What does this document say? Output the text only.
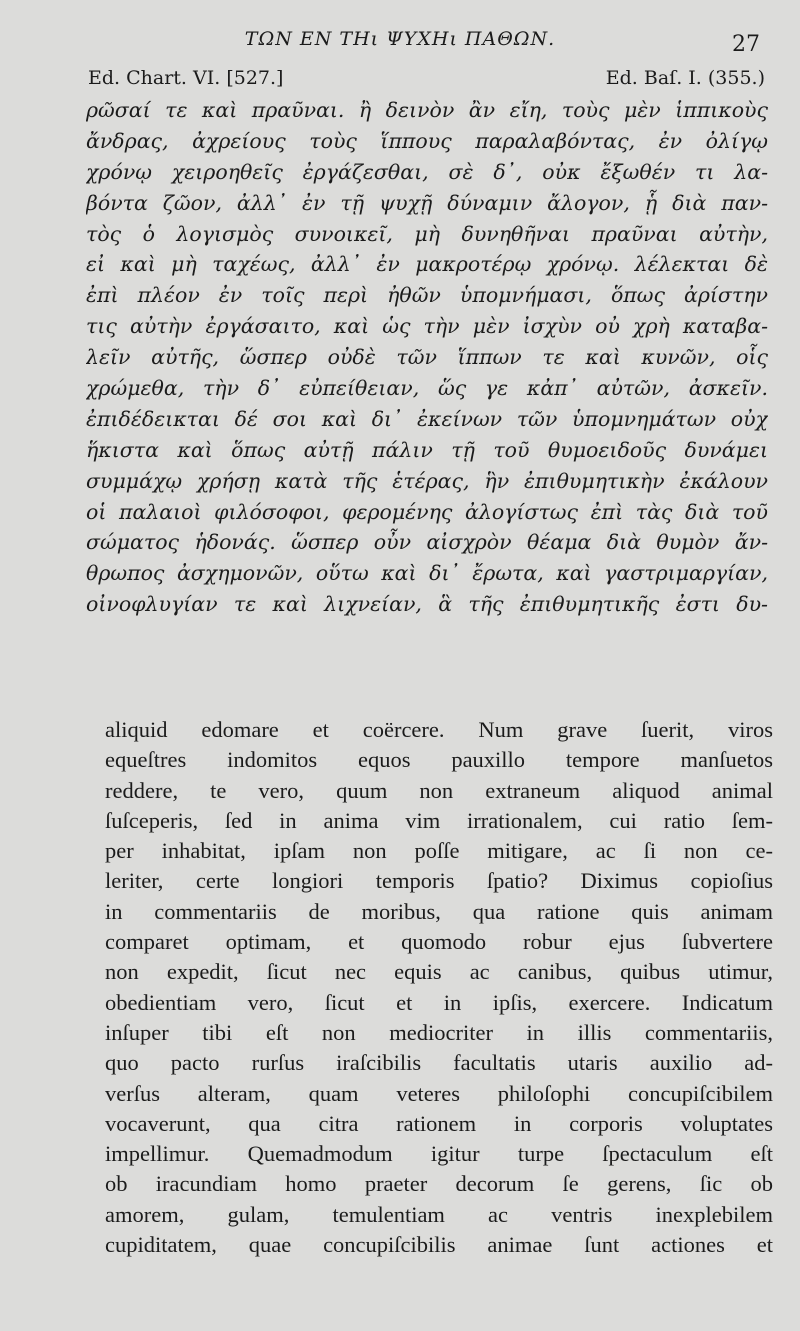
ΤΩΝ ΕΝ ΤΗι ΨΥΧΗι ΠΑΘΩΝ.	27
Ed. Chart. VI. [527.]	Ed. Baſ. I. (355.)
ρῶσαί τε καὶ πραῦναι. ἢ δεινὸν ἂν εἴη, τοὺς μὲν ἱππικοὺς
ἄνδρας, ἀχρείους τοὺς ἵππους παραλαβόντας, ἐν ὀλίγῳ
χρόνῳ χειροηθεῖς ἐργάζεσθαι, σὲ δ᾽, οὐκ ἔξωθέν τι λα-
βόντα ζῶον, ἀλλ᾽ ἐν τῇ ψυχῇ δύναμιν ἄλογον, ᾗ διὰ παν-
τὸς ὁ λογισμὸς συνοικεῖ, μὴ δυνηθῆναι πραῦναι αὐτὴν,
εἰ καὶ μὴ ταχέως, ἀλλ᾽ ἐν μακροτέρῳ χρόνῳ. λέλεκται δὲ
ἐπὶ πλέον ἐν τοῖς περὶ ἠθῶν ὑπομνήμασι, ὅπως ἀρίστην
τις αὐτὴν ἐργάσαιτο, καὶ ὡς τὴν μὲν ἰσχὺν οὐ χρὴ καταβα-
λεῖν αὐτῆς, ὥσπερ οὐδὲ τῶν ἵππων τε καὶ κυνῶν, οἷς
χρώμεθα, τὴν δ᾽ εὐπείθειαν, ὥς γε κἀπ᾽ αὐτῶν, ἀσκεῖν.
ἐπιδέδεικται δέ σοι καὶ δι᾽ ἐκείνων τῶν ὑπομνημάτων οὐχ
ἥκιστα καὶ ὅπως αὐτῇ πάλιν τῇ τοῦ θυμοειδοῦς δυνάμει
συμμάχῳ χρήσῃ κατὰ τῆς ἑτέρας, ἣν ἐπιθυμητικὴν ἐκάλουν
οἱ παλαιοὶ φιλόσοφοι, φερομένης ἀλογίστως ἐπὶ τὰς διὰ τοῦ
σώματος ἡδονάς. ὥσπερ οὖν αἰσχρὸν θέαμα διὰ θυμὸν ἄν-
θρωπος ἀσχημονῶν, οὕτω καὶ δι᾽ ἔρωτα, καὶ γαστριμαργίαν,
οἰνοφλυγίαν τε καὶ λιχνείαν, ἃ τῆς ἐπιθυμητικῆς ἐστι δυ-
aliquid edomare et coërcere. Num grave ſuerit, viros
equeſtres indomitos equos pauxillo tempore manſuetos
reddere, te vero, quum non extraneum aliquod animal
ſuſceperis, ſed in anima vim irrationalem, cui ratio ſem-
per inhabitat, ipſam non poſſe mitigare, ac ſi non ce-
leriter, certe longiori temporis ſpatio? Diximus copioſius
in commentariis de moribus, qua ratione quis animam
comparet optimam, et quomodo robur ejus ſubvertere
non expedit, ſicut nec equis ac canibus, quibus utimur,
obedientiam vero, ſicut et in ipſis, exercere. Indicatum
inſuper tibi eſt non mediocriter in illis commentariis,
quo pacto rurſus iraſcibilis facultatis utaris auxilio ad-
verſus alteram, quam veteres philoſophi concupiſcibilem
vocaverunt, qua citra rationem in corporis voluptates
impellimur. Quemadmodum igitur turpe ſpectaculum eſt
ob iracundiam homo praeter decorum ſe gerens, ſic ob
amorem, gulam, temulentiam ac ventris inexplebilem
cupiditatem, quae concupiſcibilis animae ſunt actiones et
